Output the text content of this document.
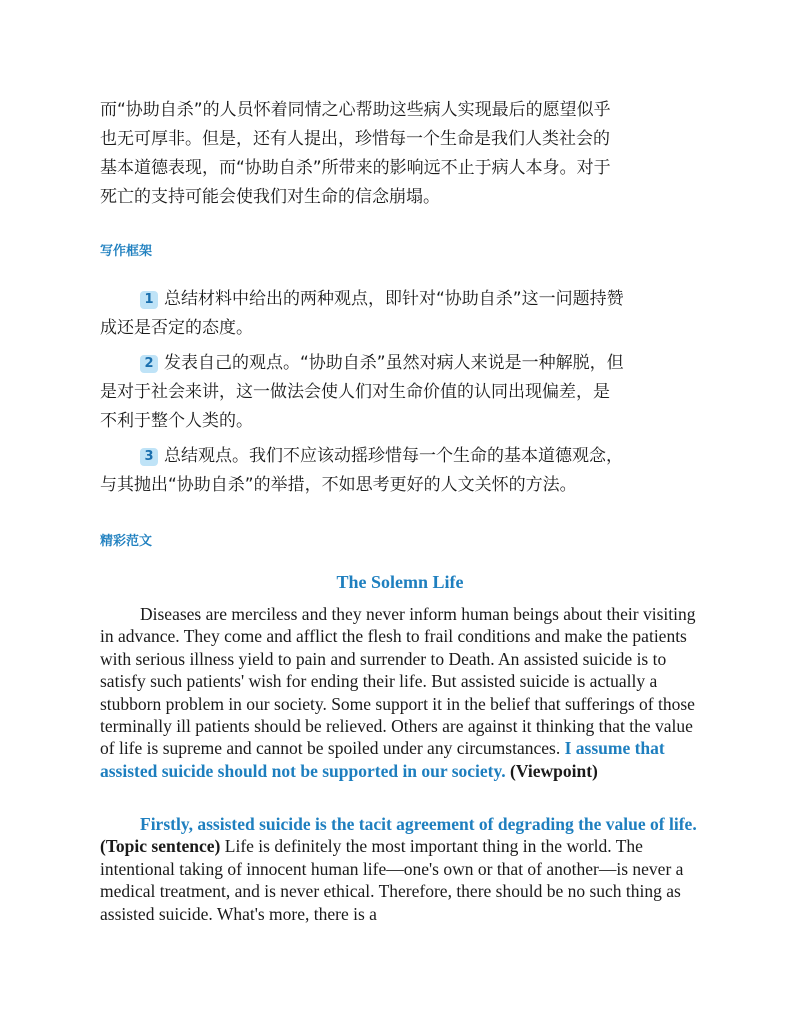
而“协助自杀”的人员怀着同情之心帮助这些病人实现最后的愿望似乎
也无可厚非。但是，还有人提出，珍惜每一个生命是我们人类社会的
基本道德表现，而“协助自杀”所带来的影响远不止于病人本身。对于
死亡的支持可能会使我们对生命的信念崩塌。

写作框架

1 总结材料中给出的两种观点，即针对“协助自杀”这一问题持赞
成还是否定的态度。

2 发表自己的观点。“协助自杀”虽然对病人来说是一种解脱，但
是对于社会来讲，这一做法会使人们对生命价值的认同出现偏差，是
不利于整个人类的。

3 总结观点。我们不应该动摇珍惜每一个生命的基本道德观念，
与其抛出“协助自杀”的举措，不如思考更好的人文关怀的方法。

精彩范文

The Solemn Life

Diseases are merciless and they never inform human beings about their visiting in advance. They come and afflict the flesh to frail conditions and make the patients with serious illness yield to pain and surrender to Death. An assisted suicide is to satisfy such patients' wish for ending their life. But assisted suicide is actually a stubborn problem in our society. Some support it in the belief that sufferings of those terminally ill patients should be relieved. Others are against it thinking that the value of life is supreme and cannot be spoiled under any circumstances. I assume that assisted suicide should not be supported in our society. (Viewpoint)

Firstly, assisted suicide is the tacit agreement of degrading the value of life. (Topic sentence) Life is definitely the most important thing in the world. The intentional taking of innocent human life—one's own or that of another—is never a medical treatment, and is never ethical. Therefore, there should be no such thing as assisted suicide. What's more, there is a
